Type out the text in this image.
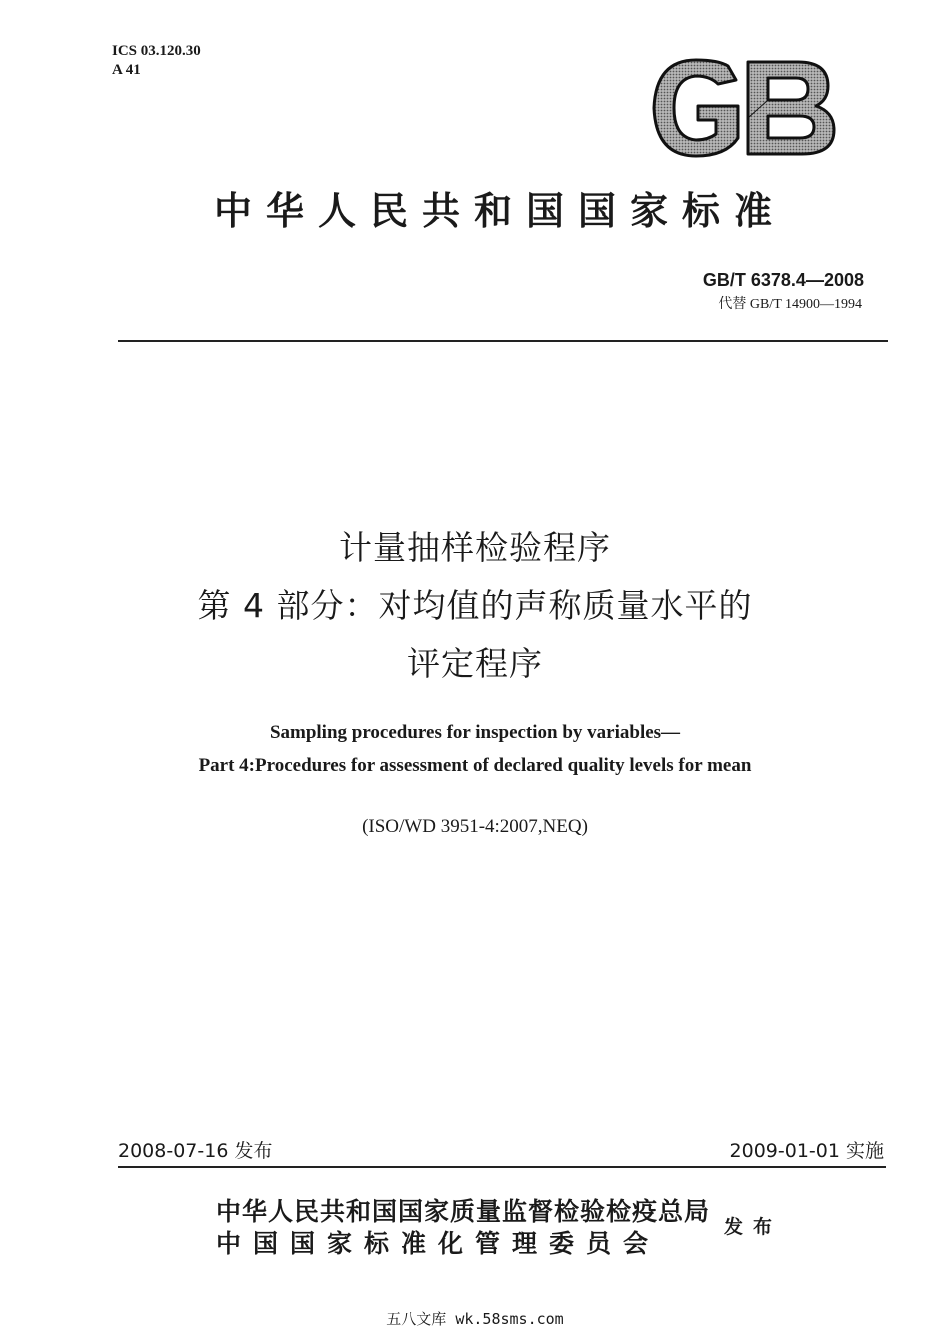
ICS 03.120.30
A 41
中华人民共和国国家标准
GB/T 6378.4—2008
代替 GB/T 14900—1994
计量抽样检验程序
第 4 部分：对均值的声称质量水平的
评定程序
Sampling procedures for inspection by variables—
Part 4:Procedures for assessment of declared quality levels for mean
(ISO/WD 3951-4:2007,NEQ)
2008-07-16 发布	2009-01-01 实施
中华人民共和国国家质量监督检验检疫总局
中国国家标准化管理委员会
发布
五八文库 wk.58sms.com
